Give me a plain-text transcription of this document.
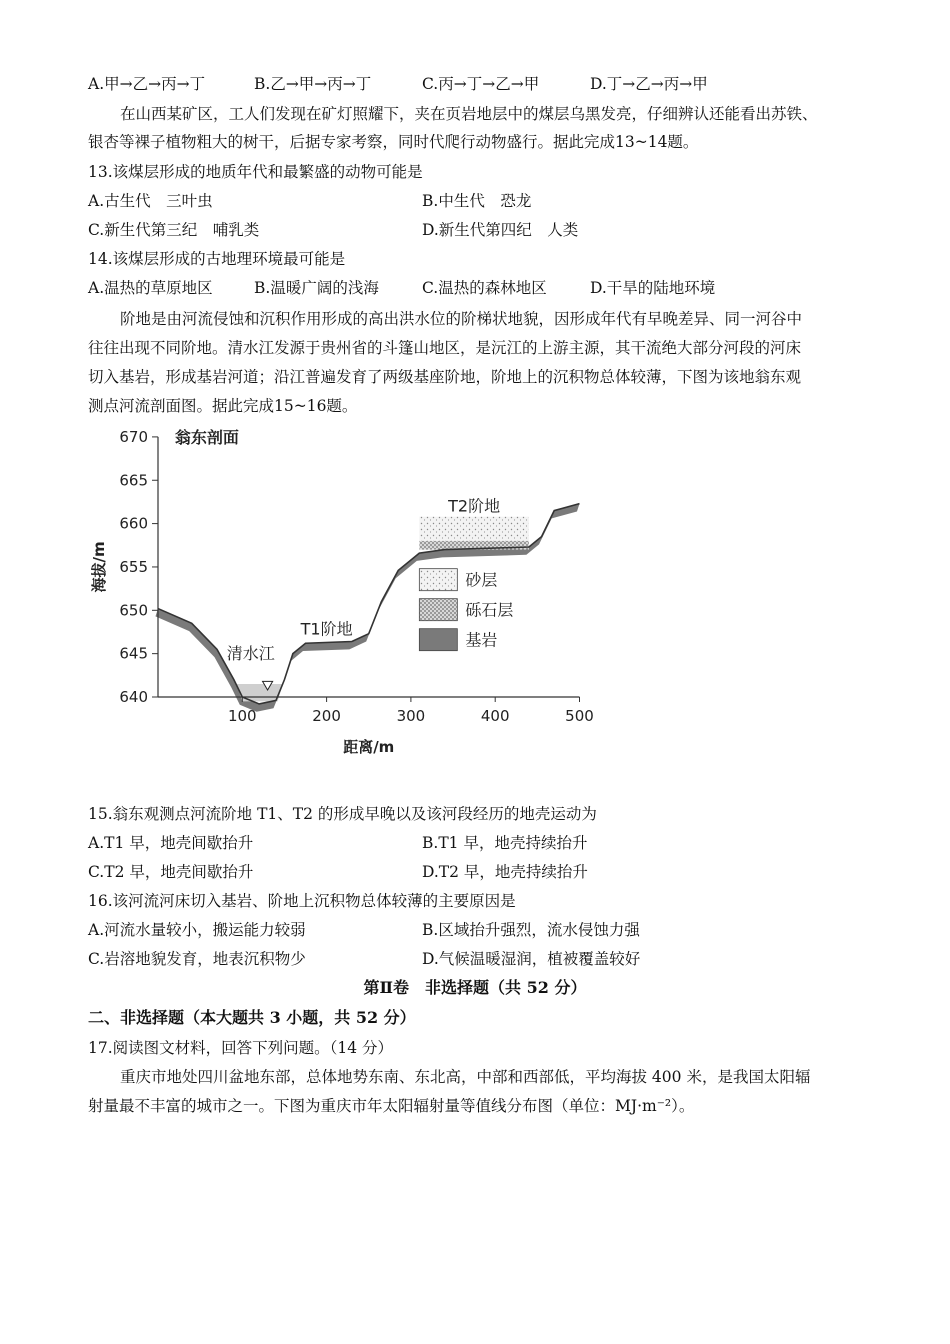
A.甲→乙→丙→丁	B.乙→甲→丙→丁	C.丙→丁→乙→甲	D.丁→乙→丙→甲
在山西某矿区，工人们发现在矿灯照耀下，夹在页岩地层中的煤层乌黑发亮，仔细辨认还能看出苏铁、
银杏等裸子植物粗大的树干，后据专家考察，同时代爬行动物盛行。据此完成13~14题。
13.该煤层形成的地质年代和最繁盛的动物可能是
A.古生代　三叶虫	B.中生代　恐龙
C.新生代第三纪　哺乳类	D.新生代第四纪　人类
14.该煤层形成的古地理环境最可能是
A.温热的草原地区	B.温暖广阔的浅海	C.温热的森林地区	D.干旱的陆地环境
阶地是由河流侵蚀和沉积作用形成的高出洪水位的阶梯状地貌，因形成年代有早晚差异、同一河谷中
往往出现不同阶地。清水江发源于贵州省的斗篷山地区，是沅江的上游主源，其干流绝大部分河段的河床
切入基岩，形成基岩河道；沿江普遍发育了两级基座阶地，阶地上的沉积物总体较薄，下图为该地翁东观
测点河流剖面图。据此完成15~16题。
640
645
650
655
660
665
670
100	200	300	400	500
翁东剖面
距离/m
海拔/m
清水江
T1阶地
T2阶地
砂层
砾石层
基岩
15.翁东观测点河流阶地 T1、T2 的形成早晚以及该河段经历的地壳运动为
A.T1 早，地壳间歇抬升	B.T1 早，地壳持续抬升
C.T2 早，地壳间歇抬升	D.T2 早，地壳持续抬升
16.该河流河床切入基岩、阶地上沉积物总体较薄的主要原因是
A.河流水量较小，搬运能力较弱	B.区域抬升强烈，流水侵蚀力强
C.岩溶地貌发育，地表沉积物少	D.气候温暖湿润，植被覆盖较好
第Ⅱ卷　非选择题（共 52 分）
二、非选择题（本大题共 3 小题，共 52 分）
17.阅读图文材料，回答下列问题。（14 分）
重庆市地处四川盆地东部，总体地势东南、东北高，中部和西部低，平均海拔 400 米，是我国太阳辐
射量最不丰富的城市之一。下图为重庆市年太阳辐射量等值线分布图（单位：MJ·m⁻²）。
